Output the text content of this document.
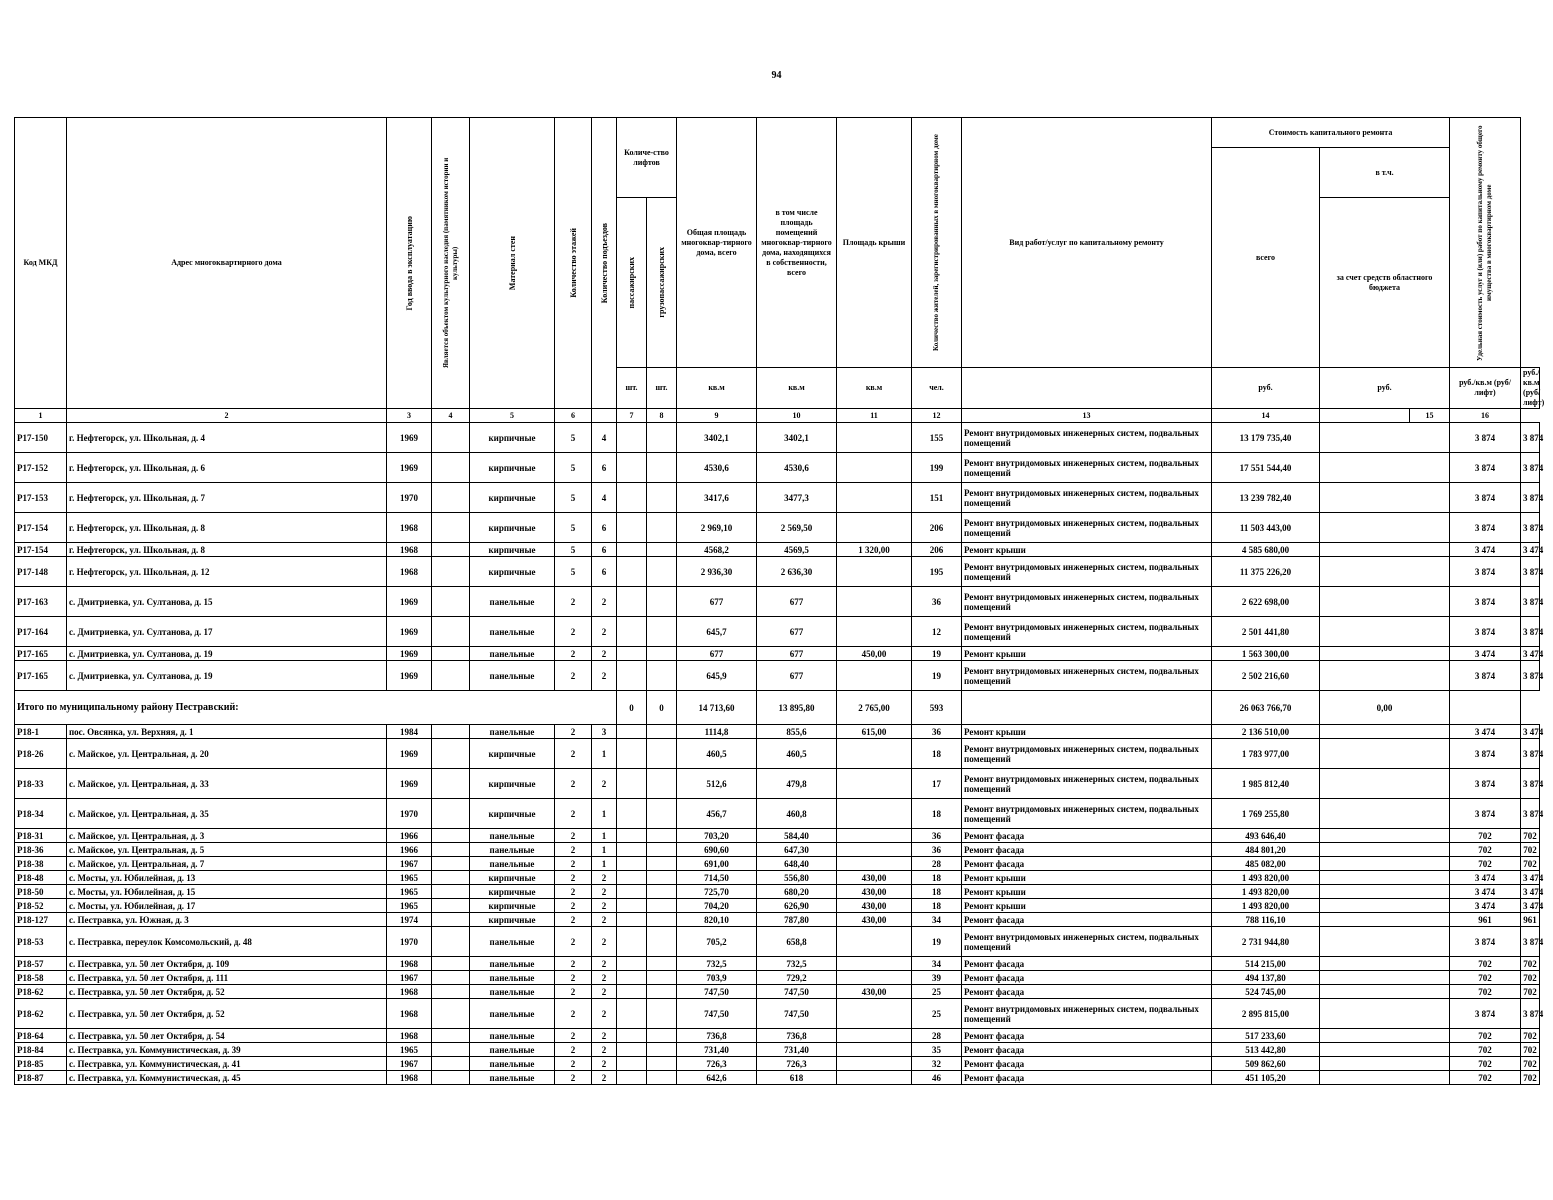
94
Код МКД	Адрес многоквартирного дома	Год ввода в эксплуатацию	Является объектом культурного наследия (памятником истории и культуры)	Материал стен	Количество этажей	Количество подъездов	Количе-ство лифтов		Общая площадь многоквар-тирного дома, всего	в том числе площадь помещений многоквар-тирного дома, находящихся в собственности, всего	Площадь крыши	Количество жителей, зарегистрированных в многоквартирном доме	Вид работ/услуг по капитальному ремонту	Стоимость капитального ремонта			Удельная стоимость услуг и (или) работ по капитальному ремонту общего имущества в многоквартирном доме	

														всего	в т.ч.			

							пассажирских	грузопассажирских							за счет средств областного бюджета			
							шт.	шт.	кв.м	кв.м	кв.м	чел.		руб.	руб.		руб./кв.м (руб/лифт)	руб./кв.м (руб/лифт)
1	2	3	4	5	6		7	8	9	10	11	12	13	14		15	16	
Р17-150	г. Нефтегорск, ул. Школьная, д. 4	1969		кирпичные	5	4			3402,1	3402,1		155	Ремонт внутридомовых инженерных систем, подвальных помещений	13 179 735,40			3 874	3 874
Р17-152	г. Нефтегорск, ул. Школьная, д. 6	1969		кирпичные	5	6			4530,6	4530,6		199	Ремонт внутридомовых инженерных систем, подвальных помещений	17 551 544,40			3 874	3 874
Р17-153	г. Нефтегорск, ул. Школьная, д. 7	1970		кирпичные	5	4			3417,6	3477,3		151	Ремонт внутридомовых инженерных систем, подвальных помещений	13 239 782,40			3 874	3 874
Р17-154	г. Нефтегорск, ул. Школьная, д. 8	1968		кирпичные	5	6			2 969,10	2 569,50		206	Ремонт внутридомовых инженерных систем, подвальных помещений	11 503 443,00			3 874	3 874
Р17-154	г. Нефтегорск, ул. Школьная, д. 8	1968		кирпичные	5	6			4568,2	4569,5	1 320,00	206	Ремонт крыши	4 585 680,00			3 474	3 474
Р17-148	г. Нефтегорск, ул. Школьная, д. 12	1968		кирпичные	5	6			2 936,30	2 636,30		195	Ремонт внутридомовых инженерных систем, подвальных помещений	11 375 226,20			3 874	3 874
Р17-163	с. Дмитриевка, ул. Султанова, д. 15	1969		панельные	2	2			677	677		36	Ремонт внутридомовых инженерных систем, подвальных помещений	2 622 698,00			3 874	3 874
Р17-164	с. Дмитриевка, ул. Султанова, д. 17	1969		панельные	2	2			645,7	677		12	Ремонт внутридомовых инженерных систем, подвальных помещений	2 501 441,80			3 874	3 874
Р17-165	с. Дмитриевка, ул. Султанова, д. 19	1969		панельные	2	2			677	677	450,00	19	Ремонт крыши	1 563 300,00			3 474	3 474
Р17-165	с. Дмитриевка, ул. Султанова, д. 19	1969		панельные	2	2			645,9	677		19	Ремонт внутридомовых инженерных систем, подвальных помещений	2 502 216,60			3 874	3 874
Итого по муниципальному району Пестравский:							0	0	14 713,60	13 895,80	2 765,00	593		26 063 766,70	0,00			
Р18-1	пос. Овсянка, ул. Верхняя, д. 1	1984		панельные	2	3			1114,8	855,6	615,00	36	Ремонт крыши	2 136 510,00			3 474	3 474
Р18-26	с. Майское, ул. Центральная, д. 20	1969		кирпичные	2	1			460,5	460,5		18	Ремонт внутридомовых инженерных систем, подвальных помещений	1 783 977,00			3 874	3 874
Р18-33	с. Майское, ул. Центральная, д. 33	1969		кирпичные	2	2			512,6	479,8		17	Ремонт внутридомовых инженерных систем, подвальных помещений	1 985 812,40			3 874	3 874
Р18-34	с. Майское, ул. Центральная, д. 35	1970		кирпичные	2	1			456,7	460,8		18	Ремонт внутридомовых инженерных систем, подвальных помещений	1 769 255,80			3 874	3 874
Р18-31	с. Майское, ул. Центральная, д. 3	1966		панельные	2	1			703,20	584,40		36	Ремонт фасада	493 646,40			702	702
Р18-36	с. Майское, ул. Центральная, д. 5	1966		панельные	2	1			690,60	647,30		36	Ремонт фасада	484 801,20			702	702
Р18-38	с. Майское, ул. Центральная, д. 7	1967		панельные	2	1			691,00	648,40		28	Ремонт фасада	485 082,00			702	702
Р18-48	с. Мосты, ул. Юбилейная, д. 13	1965		кирпичные	2	2			714,50	556,80	430,00	18	Ремонт крыши	1 493 820,00			3 474	3 474
Р18-50	с. Мосты, ул. Юбилейная, д. 15	1965		кирпичные	2	2			725,70	680,20	430,00	18	Ремонт крыши	1 493 820,00			3 474	3 474
Р18-52	с. Мосты, ул. Юбилейная, д. 17	1965		кирпичные	2	2			704,20	626,90	430,00	18	Ремонт крыши	1 493 820,00			3 474	3 474
Р18-127	с. Пестравка, ул. Южная, д. 3	1974		кирпичные	2	2			820,10	787,80	430,00	34	Ремонт фасада	788 116,10			961	961
Р18-53	с. Пестравка, переулок Комсомольский, д. 48	1970		панельные	2	2			705,2	658,8		19	Ремонт внутридомовых инженерных систем, подвальных помещений	2 731 944,80			3 874	3 874
Р18-57	с. Пестравка, ул. 50 лет Октября, д. 109	1968		панельные	2	2			732,5	732,5		34	Ремонт фасада	514 215,00			702	702
Р18-58	с. Пестравка, ул. 50 лет Октября, д. 111	1967		панельные	2	2			703,9	729,2		39	Ремонт фасада	494 137,80			702	702
Р18-62	с. Пестравка, ул. 50 лет Октября, д. 52	1968		панельные	2	2			747,50	747,50	430,00	25	Ремонт фасада	524 745,00			702	702
Р18-62	с. Пестравка, ул. 50 лет Октября, д. 52	1968		панельные	2	2			747,50	747,50		25	Ремонт внутридомовых инженерных систем, подвальных помещений	2 895 815,00			3 874	3 874
Р18-64	с. Пестравка, ул. 50 лет Октября, д. 54	1968		панельные	2	2			736,8	736,8		28	Ремонт фасада	517 233,60			702	702
Р18-84	с. Пестравка, ул. Коммунистическая, д. 39	1965		панельные	2	2			731,40	731,40		35	Ремонт фасада	513 442,80			702	702
Р18-85	с. Пестравка, ул. Коммунистическая, д. 41	1967		панельные	2	2			726,3	726,3		32	Ремонт фасада	509 862,60			702	702
Р18-87	с. Пестравка, ул. Коммунистическая, д. 45	1968		панельные	2	2			642,6	618		46	Ремонт фасада	451 105,20			702	702
